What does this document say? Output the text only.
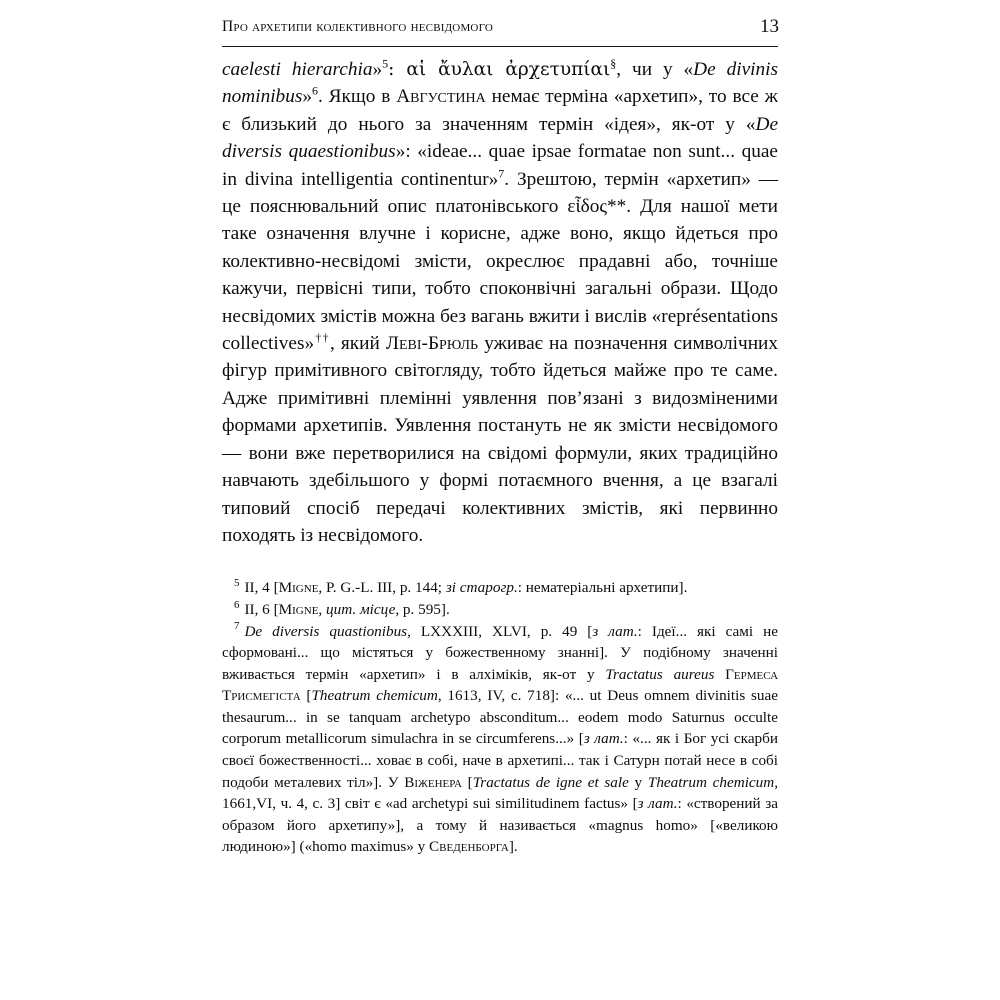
Про архетипи колективного несвідомого	13

caelesti hierarchia»$^5$: αἱ ἄυλαι ἀρχετυπίαι§, чи у «De divinis nominibus»$^6$. Якщо в Августина немає терміна «архетип», то все ж є близький до нього за значенням термін «ідея», як-от у «De diversis quaestionibus»: «ideae... quae ipsae formatae non sunt... quae in divina intelligentia continentur»$^7$. Зрештою, термін «архетип» — це пояснювальний опис платонівського εἶδος**. Для нашої мети таке означення влучне і корисне, адже воно, якщо йдеться про колективно-несвідомі змісти, окреслює прадавні або, точніше кажучи, первісні типи, тобто споконвічні загальні образи. Щодо несвідомих змістів можна без вагань вжити і вислів «représentations collectives»††, який Леві-Брюль уживає на позначення символічних фігур примітивного світогляду, тобто йдеться майже про те саме. Адже примітивні племінні уявлення пов’язані з видозміненими формами архетипів. Уявлення постануть не як змісти несвідомого — вони вже перетворилися на свідомі формули, яких традиційно навчають здебільшого у формі потаємного вчення, а це взагалі типовий спосіб передачі колективних змістів, які первинно походять із несвідомого.

$^5$ II, 4 [Migne, P. G.-L. III, p. 144; зі старогр.: нематеріальні архетипи].

$^6$ II, 6 [Migne, цит. місце, p. 595].

$^7$ De diversis quastionibus, LXXXIII, XLVI, p. 49 [з лат.: Ідеї... які самі не сформовані... що містяться у божественному знанні]. У подібному значенні вживається термін «архетип» і в алхіміків, як-от у Tractatus aureus Гермеса Трисмегіста [Theatrum chemicum, 1613, IV, с. 718]: «... ut Deus omnem divinitis suae thesaurum... in se tanquam archetypo absconditum... eodem modo Saturnus occulte corporum metallicorum simulachra in se circumferens...» [з лат.: «... як і Бог усі скарби своєї божественності... ховає в собі, наче в архетипі... так і Сатурн потай несе в собі подоби металевих тіл»]. У Віженера [Tractatus de igne et sale у Theatrum chemicum, 1661,VI, ч. 4, с. 3] світ є «ad archetypi sui similitudinem factus» [з лат.: «створений за образом його архетипу»], а тому й називається «magnus homo» [«великою людиною»] («homo maximus» у Сведенборга].
